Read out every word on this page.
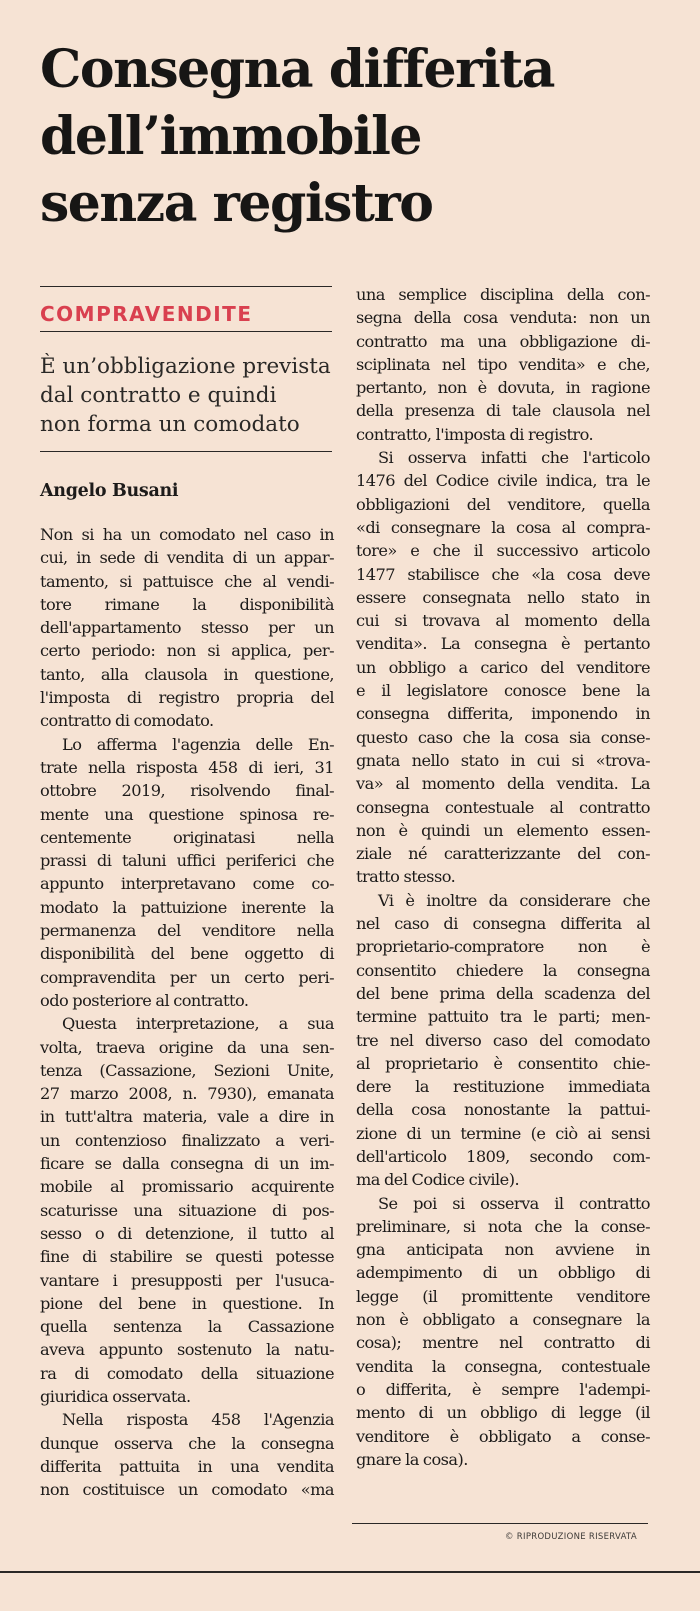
Consegna differita
dell’immobile
senza registro
COMPRAVENDITE
È un’obbligazione prevista
dal contratto e quindi
non forma un comodato
Angelo Busani
Non si ha un comodato nel caso in
cui, in sede di vendita di un appar-
tamento, si pattuisce che al vendi-
tore rimane la disponibilità
dell'appartamento stesso per un
certo periodo: non si applica, per-
tanto, alla clausola in questione,
l'imposta di registro propria del
contratto di comodato.
Lo afferma l'agenzia delle En-
trate nella risposta 458 di ieri, 31
ottobre 2019, risolvendo final-
mente una questione spinosa re-
centemente originatasi nella
prassi di taluni uffici periferici che
appunto interpretavano come co-
modato la pattuizione inerente la
permanenza del venditore nella
disponibilità del bene oggetto di
compravendita per un certo peri-
odo posteriore al contratto.
Questa interpretazione, a sua
volta, traeva origine da una sen-
tenza (Cassazione, Sezioni Unite,
27 marzo 2008, n. 7930), emanata
in tutt'altra materia, vale a dire in
un contenzioso finalizzato a veri-
ficare se dalla consegna di un im-
mobile al promissario acquirente
scaturisse una situazione di pos-
sesso o di detenzione, il tutto al
fine di stabilire se questi potesse
vantare i presupposti per l'usuca-
pione del bene in questione. In
quella sentenza la Cassazione
aveva appunto sostenuto la natu-
ra di comodato della situazione
giuridica osservata.
Nella risposta 458 l'Agenzia
dunque osserva che la consegna
differita pattuita in una vendita
non costituisce un comodato «ma
una semplice disciplina della con-
segna della cosa venduta: non un
contratto ma una obbligazione di-
sciplinata nel tipo vendita» e che,
pertanto, non è dovuta, in ragione
della presenza di tale clausola nel
contratto, l'imposta di registro.
Si osserva infatti che l'articolo
1476 del Codice civile indica, tra le
obbligazioni del venditore, quella
«di consegnare la cosa al compra-
tore» e che il successivo articolo
1477 stabilisce che «la cosa deve
essere consegnata nello stato in
cui si trovava al momento della
vendita». La consegna è pertanto
un obbligo a carico del venditore
e il legislatore conosce bene la
consegna differita, imponendo in
questo caso che la cosa sia conse-
gnata nello stato in cui si «trova-
va» al momento della vendita. La
consegna contestuale al contratto
non è quindi un elemento essen-
ziale né caratterizzante del con-
tratto stesso.
Vi è inoltre da considerare che
nel caso di consegna differita al
proprietario-compratore non è
consentito chiedere la consegna
del bene prima della scadenza del
termine pattuito tra le parti; men-
tre nel diverso caso del comodato
al proprietario è consentito chie-
dere la restituzione immediata
della cosa nonostante la pattui-
zione di un termine (e ciò ai sensi
dell'articolo 1809, secondo com-
ma del Codice civile).
Se poi si osserva il contratto
preliminare, si nota che la conse-
gna anticipata non avviene in
adempimento di un obbligo di
legge (il promittente venditore
non è obbligato a consegnare la
cosa); mentre nel contratto di
vendita la consegna, contestuale
o differita, è sempre l'adempi-
mento di un obbligo di legge (il
venditore è obbligato a conse-
gnare la cosa).
© RIPRODUZIONE RISERVATA
